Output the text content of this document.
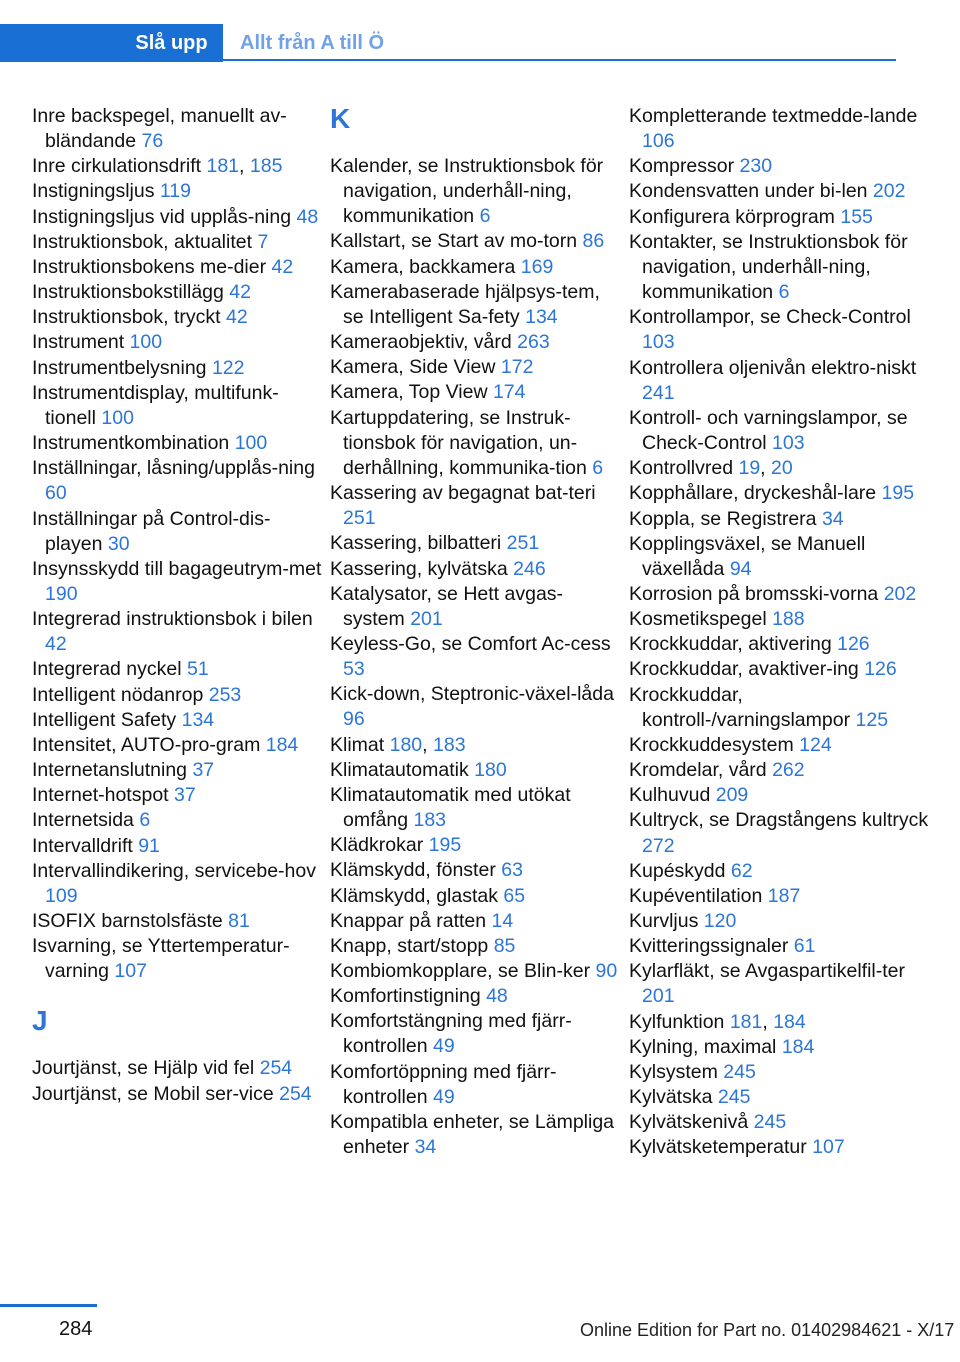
Slå upp	Allt från A till Ö
Inre backspegel, manuellt av-bländande 76
Inre cirkulationsdrift 181, 185
Instigningsljus 119
Instigningsljus vid upplås-ning 48
Instruktionsbok, aktualitet 7
Instruktionsbokens me-dier 42
Instruktionsbokstillägg 42
Instruktionsbok, tryckt 42
Instrument 100
Instrumentbelysning 122
Instrumentdisplay, multifunk-tionell 100
Instrumentkombination 100
Inställningar, låsning/upplås-ning 60
Inställningar på Control-dis-playen 30
Insynsskydd till bagageutrym-met 190
Integrerad instruktionsbok i bilen 42
Integrerad nyckel 51
Intelligent nödanrop 253
Intelligent Safety 134
Intensitet, AUTO-pro-gram 184
Internetanslutning 37
Internet-hotspot 37
Internetsida 6
Intervalldrift 91
Intervallindikering, servicebe-hov 109
ISOFIX barnstolsfäste 81
Isvarning, se Yttertemperatur-varning 107
J
Jourtjänst, se Hjälp vid fel 254
Jourtjänst, se Mobil ser-vice 254
K
Kalender, se Instruktionsbok för navigation, underhåll-ning, kommunikation 6
Kallstart, se Start av mo-torn 86
Kamera, backkamera 169
Kamerabaserade hjälpsys-tem, se Intelligent Sa-fety 134
Kameraobjektiv, vård 263
Kamera, Side View 172
Kamera, Top View 174
Kartuppdatering, se Instruk-tionsbok för navigation, un-derhållning, kommunika-tion 6
Kassering av begagnat bat-teri 251
Kassering, bilbatteri 251
Kassering, kylvätska 246
Katalysator, se Hett avgas-system 201
Keyless-Go, se Comfort Ac-cess 53
Kick-down, Steptronic-växel-låda 96
Klimat 180, 183
Klimatautomatik 180
Klimatautomatik med utökat omfång 183
Klädkrokar 195
Klämskydd, fönster 63
Klämskydd, glastak 65
Knappar på ratten 14
Knapp, start/stopp 85
Kombiomkopplare, se Blin-ker 90
Komfortinstigning 48
Komfortstängning med fjärr-kontrollen 49
Komfortöppning med fjärr-kontrollen 49
Kompatibla enheter, se Lämpliga enheter 34
Kompletterande textmedde-lande 106
Kompressor 230
Kondensvatten under bi-len 202
Konfigurera körprogram 155
Kontakter, se Instruktionsbok för navigation, underhåll-ning, kommunikation 6
Kontrollampor, se Check-Control 103
Kontrollera oljenivån elektro-niskt 241
Kontroll- och varningslampor, se Check-Control 103
Kontrollvred 19, 20
Kopphållare, dryckeshål-lare 195
Koppla, se Registrera 34
Kopplingsväxel, se Manuell växellåda 94
Korrosion på bromsski-vorna 202
Kosmetikspegel 188
Krockkuddar, aktivering 126
Krockkuddar, avaktiver-ing 126
Krockkuddar, kontroll-/varningslampor 125
Krockkuddesystem 124
Kromdelar, vård 262
Kulhuvud 209
Kultryck, se Dragstångens kultryck 272
Kupéskydd 62
Kupéventilation 187
Kurvljus 120
Kvitteringssignaler 61
Kylarfläkt, se Avgaspartikelfil-ter 201
Kylfunktion 181, 184
Kylning, maximal 184
Kylsystem 245
Kylvätska 245
Kylvätskenivå 245
Kylvätsketemperatur 107
284	Online Edition for Part no. 01402984621 - X/17
